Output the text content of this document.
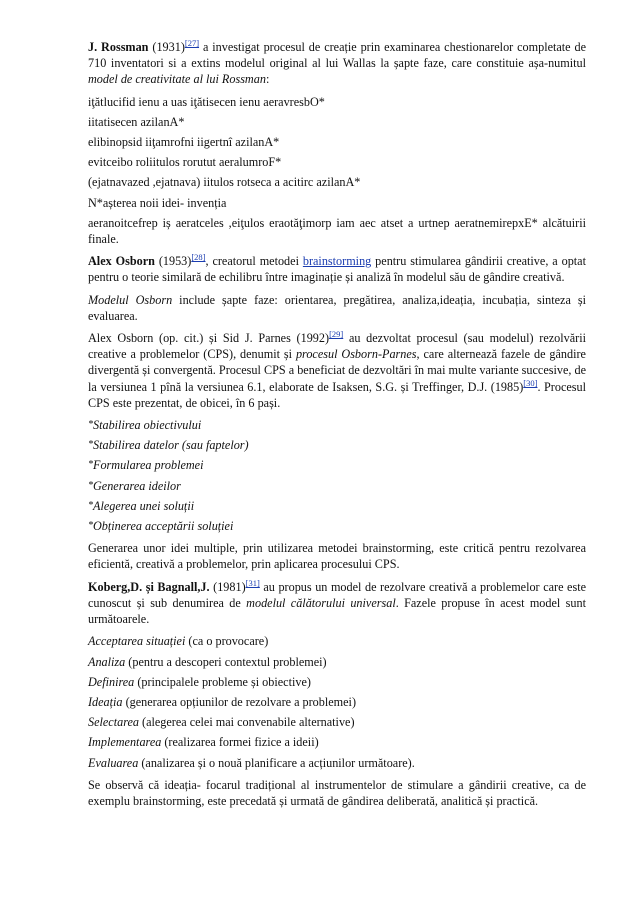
J. Rossman (1931)[27] a investigat procesul de creație prin examinarea chestionarelor completate de 710 inventatori si a extins modelul original al lui Wallas la șapte faze, care constituie așa-numitul model de creativitate al lui Rossman:

iţătlucifid ienu a uas iţătisecen ienu aeravresbO*

iitatisecen azilanA*

elibinopsid iiţamrofni iigertnî azilanA*

evitceibo roliitulos rorutut aeralumroF*

(ejatnavazed ,ejatnava) iitulos rotseca a acitirc azilanA*

N*așterea noii idei- invenția

aeranoitcefrep iș aeratceles ,eiţulos eraotăţimorp iam aec atset a urtnep aeratnemirepxE* alcătuirii finale.

Alex Osborn (1953)[28], creatorul metodei brainstorming pentru stimularea gândirii creative, a optat pentru o teorie similară de echilibru între imaginație și analiză în modelul său de gândire creativă.

Modelul Osborn include șapte faze: orientarea, pregătirea, analiza,ideația, incubația, sinteza și evaluarea.

Alex Osborn (op. cit.) și Sid J. Parnes (1992)[29] au dezvoltat procesul (sau modelul) rezolvării creative a problemelor (CPS), denumit și procesul Osborn-Parnes, care alternează fazele de gândire divergentă și convergentă. Procesul CPS a beneficiat de dezvoltări în mai multe variante succesive, de la versiunea 1 pînă la versiunea 6.1, elaborate de Isaksen, S.G. și Treffinger, D.J. (1985)[30]. Procesul CPS este prezentat, de obicei, în 6 pași.

*Stabilirea obiectivului

*Stabilirea datelor (sau faptelor)

*Formularea problemei

*Generarea ideilor

*Alegerea unei soluții

*Obținerea acceptării soluției

Generarea unor idei multiple, prin utilizarea metodei brainstorming, este critică pentru rezolvarea eficientă, creativă a problemelor, prin aplicarea procesului CPS.

Koberg,D. și Bagnall,J. (1981)[31] au propus un model de rezolvare creativă a problemelor care este cunoscut și sub denumirea de modelul călătorului universal. Fazele propuse în acest model sunt următoarele.

Acceptarea situației (ca o provocare)

Analiza (pentru a descoperi contextul problemei)

Definirea (principalele probleme și obiective)

Ideația (generarea opțiunilor de rezolvare a problemei)

Selectarea (alegerea celei mai convenabile alternative)

Implementarea (realizarea formei fizice a ideii)

Evaluarea (analizarea și o nouă planificare a acțiunilor următoare).

Se observă că ideația- focarul tradițional al instrumentelor de stimulare a gândirii creative, ca de exemplu brainstorming, este precedată și urmată de gândirea deliberată, analitică și practică.
